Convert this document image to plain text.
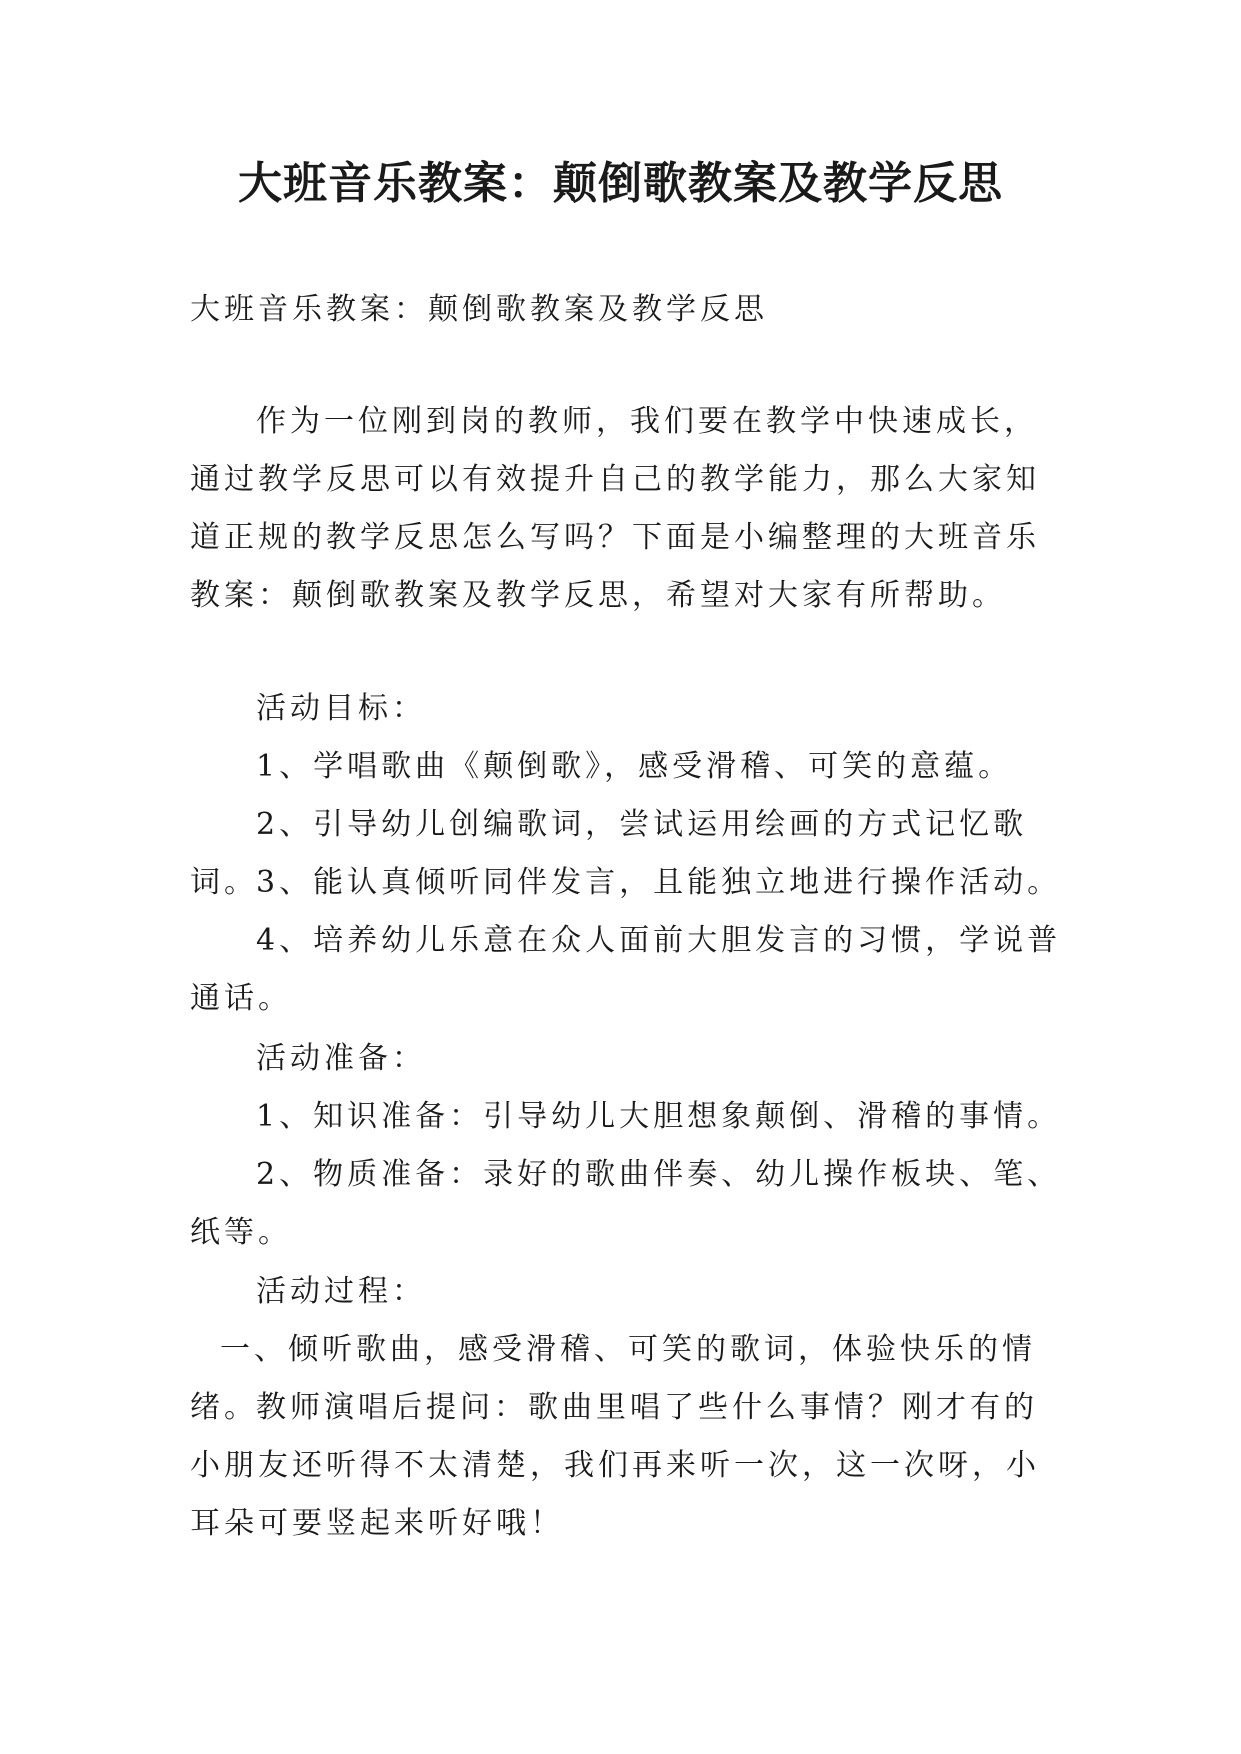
大班音乐教案：颠倒歌教案及教学反思
大班音乐教案：颠倒歌教案及教学反思

作为一位刚到岗的教师，我们要在教学中快速成长，通过教学反思可以有效提升自己的教学能力，那么大家知道正规的教学反思怎么写吗？下面是小编整理的大班音乐教案：颠倒歌教案及教学反思，希望对大家有所帮助。

活动目标：

1、学唱歌曲《颠倒歌》，感受滑稽、可笑的意蕴。

2、引导幼儿创编歌词，尝试运用绘画的方式记忆歌词。

3、能认真倾听同伴发言，且能独立地进行操作活动。

4、培养幼儿乐意在众人面前大胆发言的习惯，学说普通话。

活动准备：

1、知识准备：引导幼儿大胆想象颠倒、滑稽的事情。

2、物质准备：录好的歌曲伴奏、幼儿操作板块、笔、纸等。

活动过程：

一、倾听歌曲，感受滑稽、可笑的歌词，体验快乐的情绪。

教师演唱后提问：歌曲里唱了些什么事情？刚才有的小朋友还听得不太清楚，我们再来听一次，这一次呀，小耳朵可要竖起来听好哦！
